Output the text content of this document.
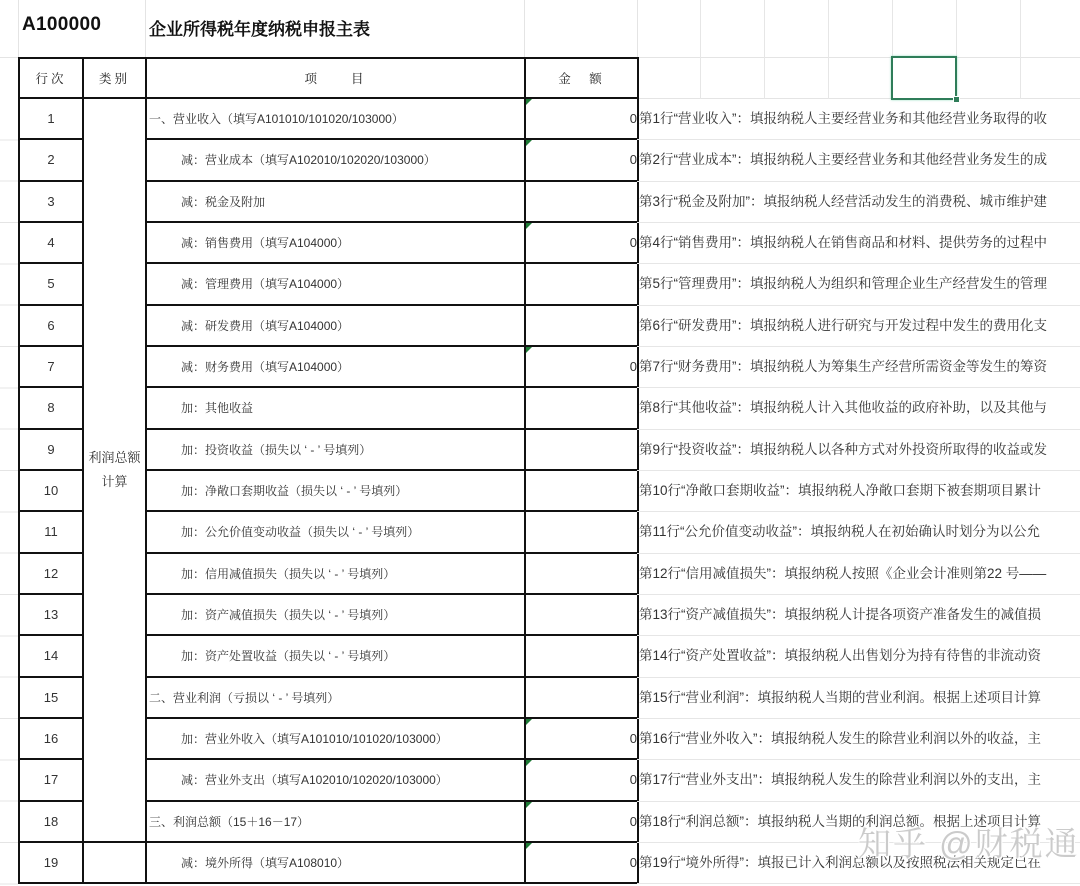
A100000	企业所得税年度纳税申报主表
行次	类别	项　　目	金　额
1	利润总额计算	一、营业收入（填写A101010/101020/103000）	0
2		减：营业成本（填写A102010/102020/103000）	0
3		减：税金及附加	
4		减：销售费用（填写A104000）	0
5		减：管理费用（填写A104000）	
6		减：研发费用（填写A104000）	
7		减：财务费用（填写A104000）	0
8		加：其他收益	
9		加：投资收益（损失以 ‘ - ’ 号填列）	
10		加：净敞口套期收益（损失以 ‘ - ’ 号填列）	
11		加：公允价值变动收益（损失以 ‘ - ’ 号填列）	
12		加：信用减值损失（损失以 ‘ - ’ 号填列）	
13		加：资产减值损失（损失以 ‘ - ’ 号填列）	
14		加：资产处置收益（损失以 ‘ - ’ 号填列）	
15		二、营业利润（亏损以 ‘ - ’ 号填列）	
16		加：营业外收入（填写A101010/101020/103000）	0
17		减：营业外支出（填写A102010/102020/103000）	0
18		三、利润总额（15＋16－17）	0
19		减：境外所得（填写A108010）	0
第1行“营业收入”：填报纳税人主要经营业务和其他经营业务取得的收
第2行“营业成本”：填报纳税人主要经营业务和其他经营业务发生的成
第3行“税金及附加”：填报纳税人经营活动发生的消费税、城市维护建
第4行“销售费用”：填报纳税人在销售商品和材料、提供劳务的过程中
第5行“管理费用”：填报纳税人为组织和管理企业生产经营发生的管理
第6行“研发费用”：填报纳税人进行研究与开发过程中发生的费用化支
第7行“财务费用”：填报纳税人为筹集生产经营所需资金等发生的筹资
第8行“其他收益”：填报纳税人计入其他收益的政府补助，以及其他与
第9行“投资收益”：填报纳税人以各种方式对外投资所取得的收益或发
第10行“净敞口套期收益”：填报纳税人净敞口套期下被套期项目累计
第11行“公允价值变动收益”：填报纳税人在初始确认时划分为以公允
第12行“信用减值损失”：填报纳税人按照《企业会计准则第22 号——
第13行“资产减值损失”：填报纳税人计提各项资产准备发生的减值损
第14行“资产处置收益”：填报纳税人出售划分为持有待售的非流动资
第15行“营业利润”：填报纳税人当期的营业利润。根据上述项目计算
第16行“营业外收入”：填报纳税人发生的除营业利润以外的收益，主
第17行“营业外支出”：填报纳税人发生的除营业利润以外的支出，主
第18行“利润总额”：填报纳税人当期的利润总额。根据上述项目计算
第19行“境外所得”：填报已计入利润总额以及按照税法相关规定已在
知乎 @财税通
